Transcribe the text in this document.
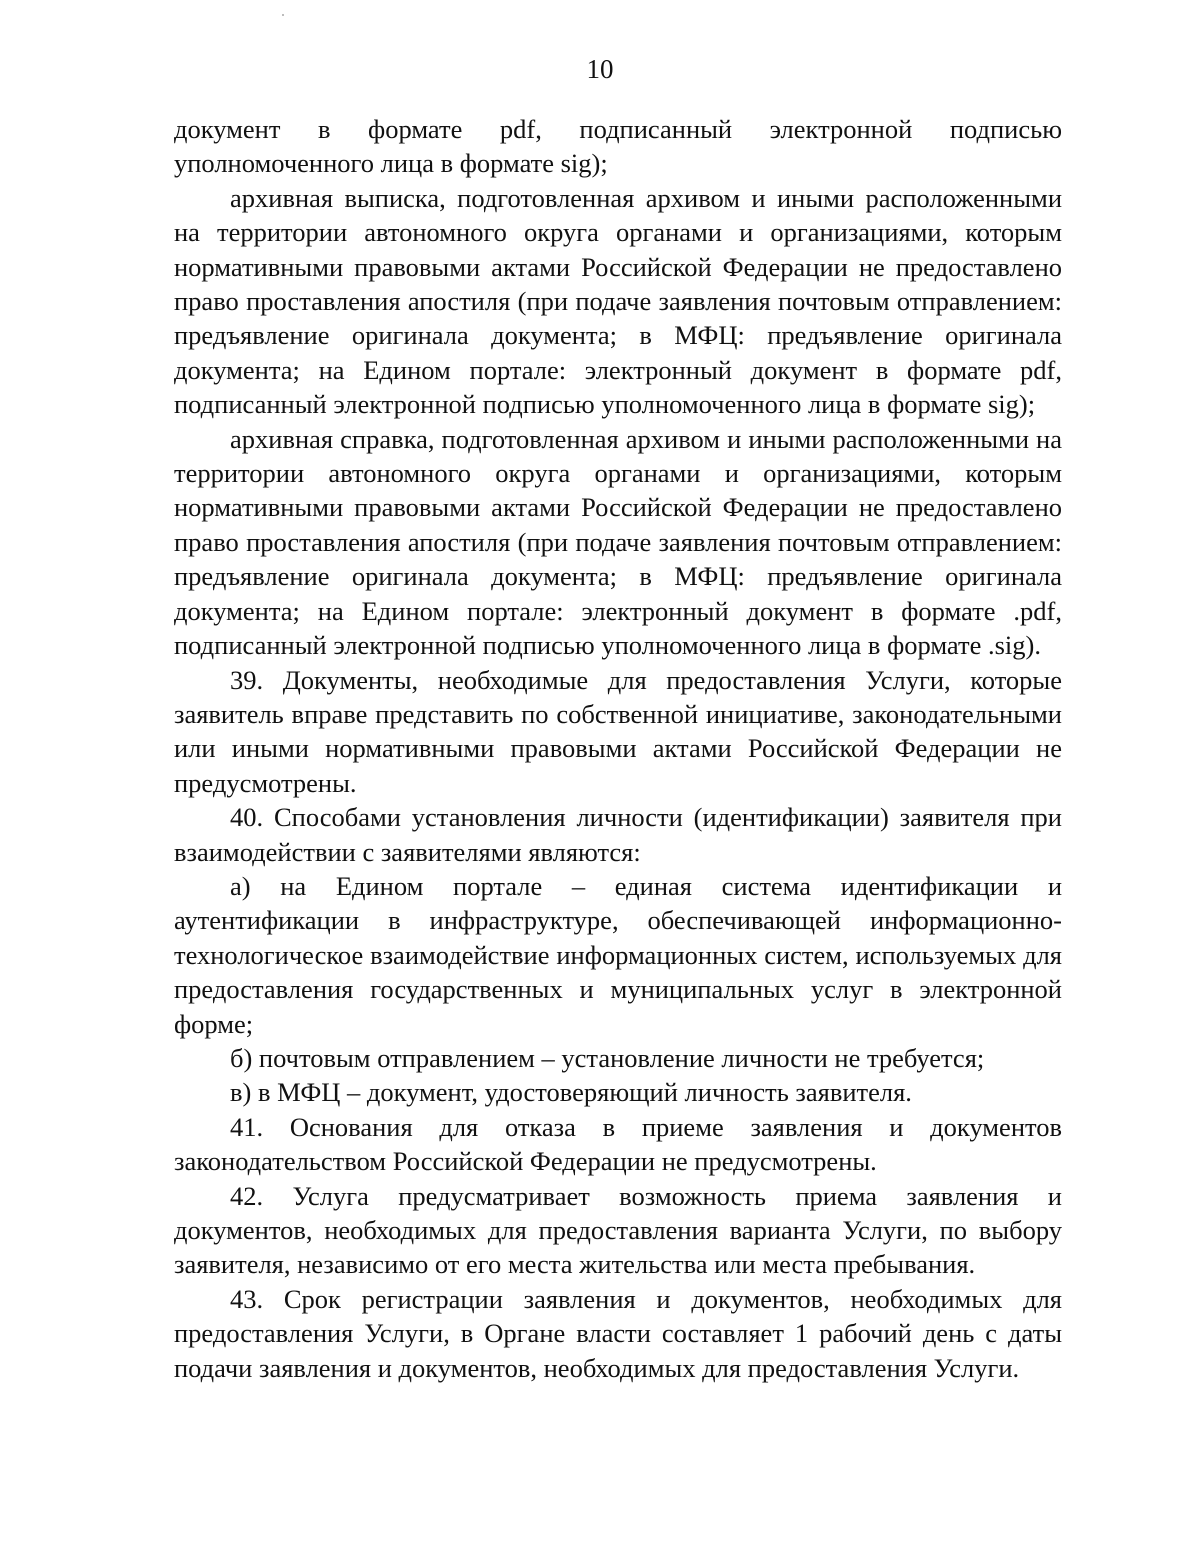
10

документ в формате pdf, подписанный электронной подписью уполномоченного лица в формате sig);

архивная выписка, подготовленная архивом и иными расположенными на территории автономного округа органами и организациями, которым нормативными правовыми актами Российской Федерации не предоставлено право проставления апостиля (при подаче заявления почтовым отправлением: предъявление оригинала документа; в МФЦ: предъявление оригинала документа; на Едином портале: электронный документ в формате pdf, подписанный электронной подписью уполномоченного лица в формате sig);

архивная справка, подготовленная архивом и иными расположенными на территории автономного округа органами и организациями, которым нормативными правовыми актами Российской Федерации не предоставлено право проставления апостиля (при подаче заявления почтовым отправлением: предъявление оригинала документа; в МФЦ: предъявление оригинала документа; на Едином портале: электронный документ в формате .pdf, подписанный электронной подписью уполномоченного лица в формате .sig).

39. Документы, необходимые для предоставления Услуги, которые заявитель вправе представить по собственной инициативе, законодательными или иными нормативными правовыми актами Российской Федерации не предусмотрены.

40. Способами установления личности (идентификации) заявителя при взаимодействии с заявителями являются:

а) на Едином портале – единая система идентификации и аутентификации в инфраструктуре, обеспечивающей информационно-технологическое взаимодействие информационных систем, используемых для предоставления государственных и муниципальных услуг в электронной форме;

б) почтовым отправлением – установление личности не требуется;

в) в МФЦ – документ, удостоверяющий личность заявителя.

41. Основания для отказа в приеме заявления и документов законодательством Российской Федерации не предусмотрены.

42. Услуга предусматривает возможность приема заявления и документов, необходимых для предоставления варианта Услуги, по выбору заявителя, независимо от его места жительства или места пребывания.

43. Срок регистрации заявления и документов, необходимых для предоставления Услуги, в Органе власти составляет 1 рабочий день с даты подачи заявления и документов, необходимых для предоставления Услуги.
